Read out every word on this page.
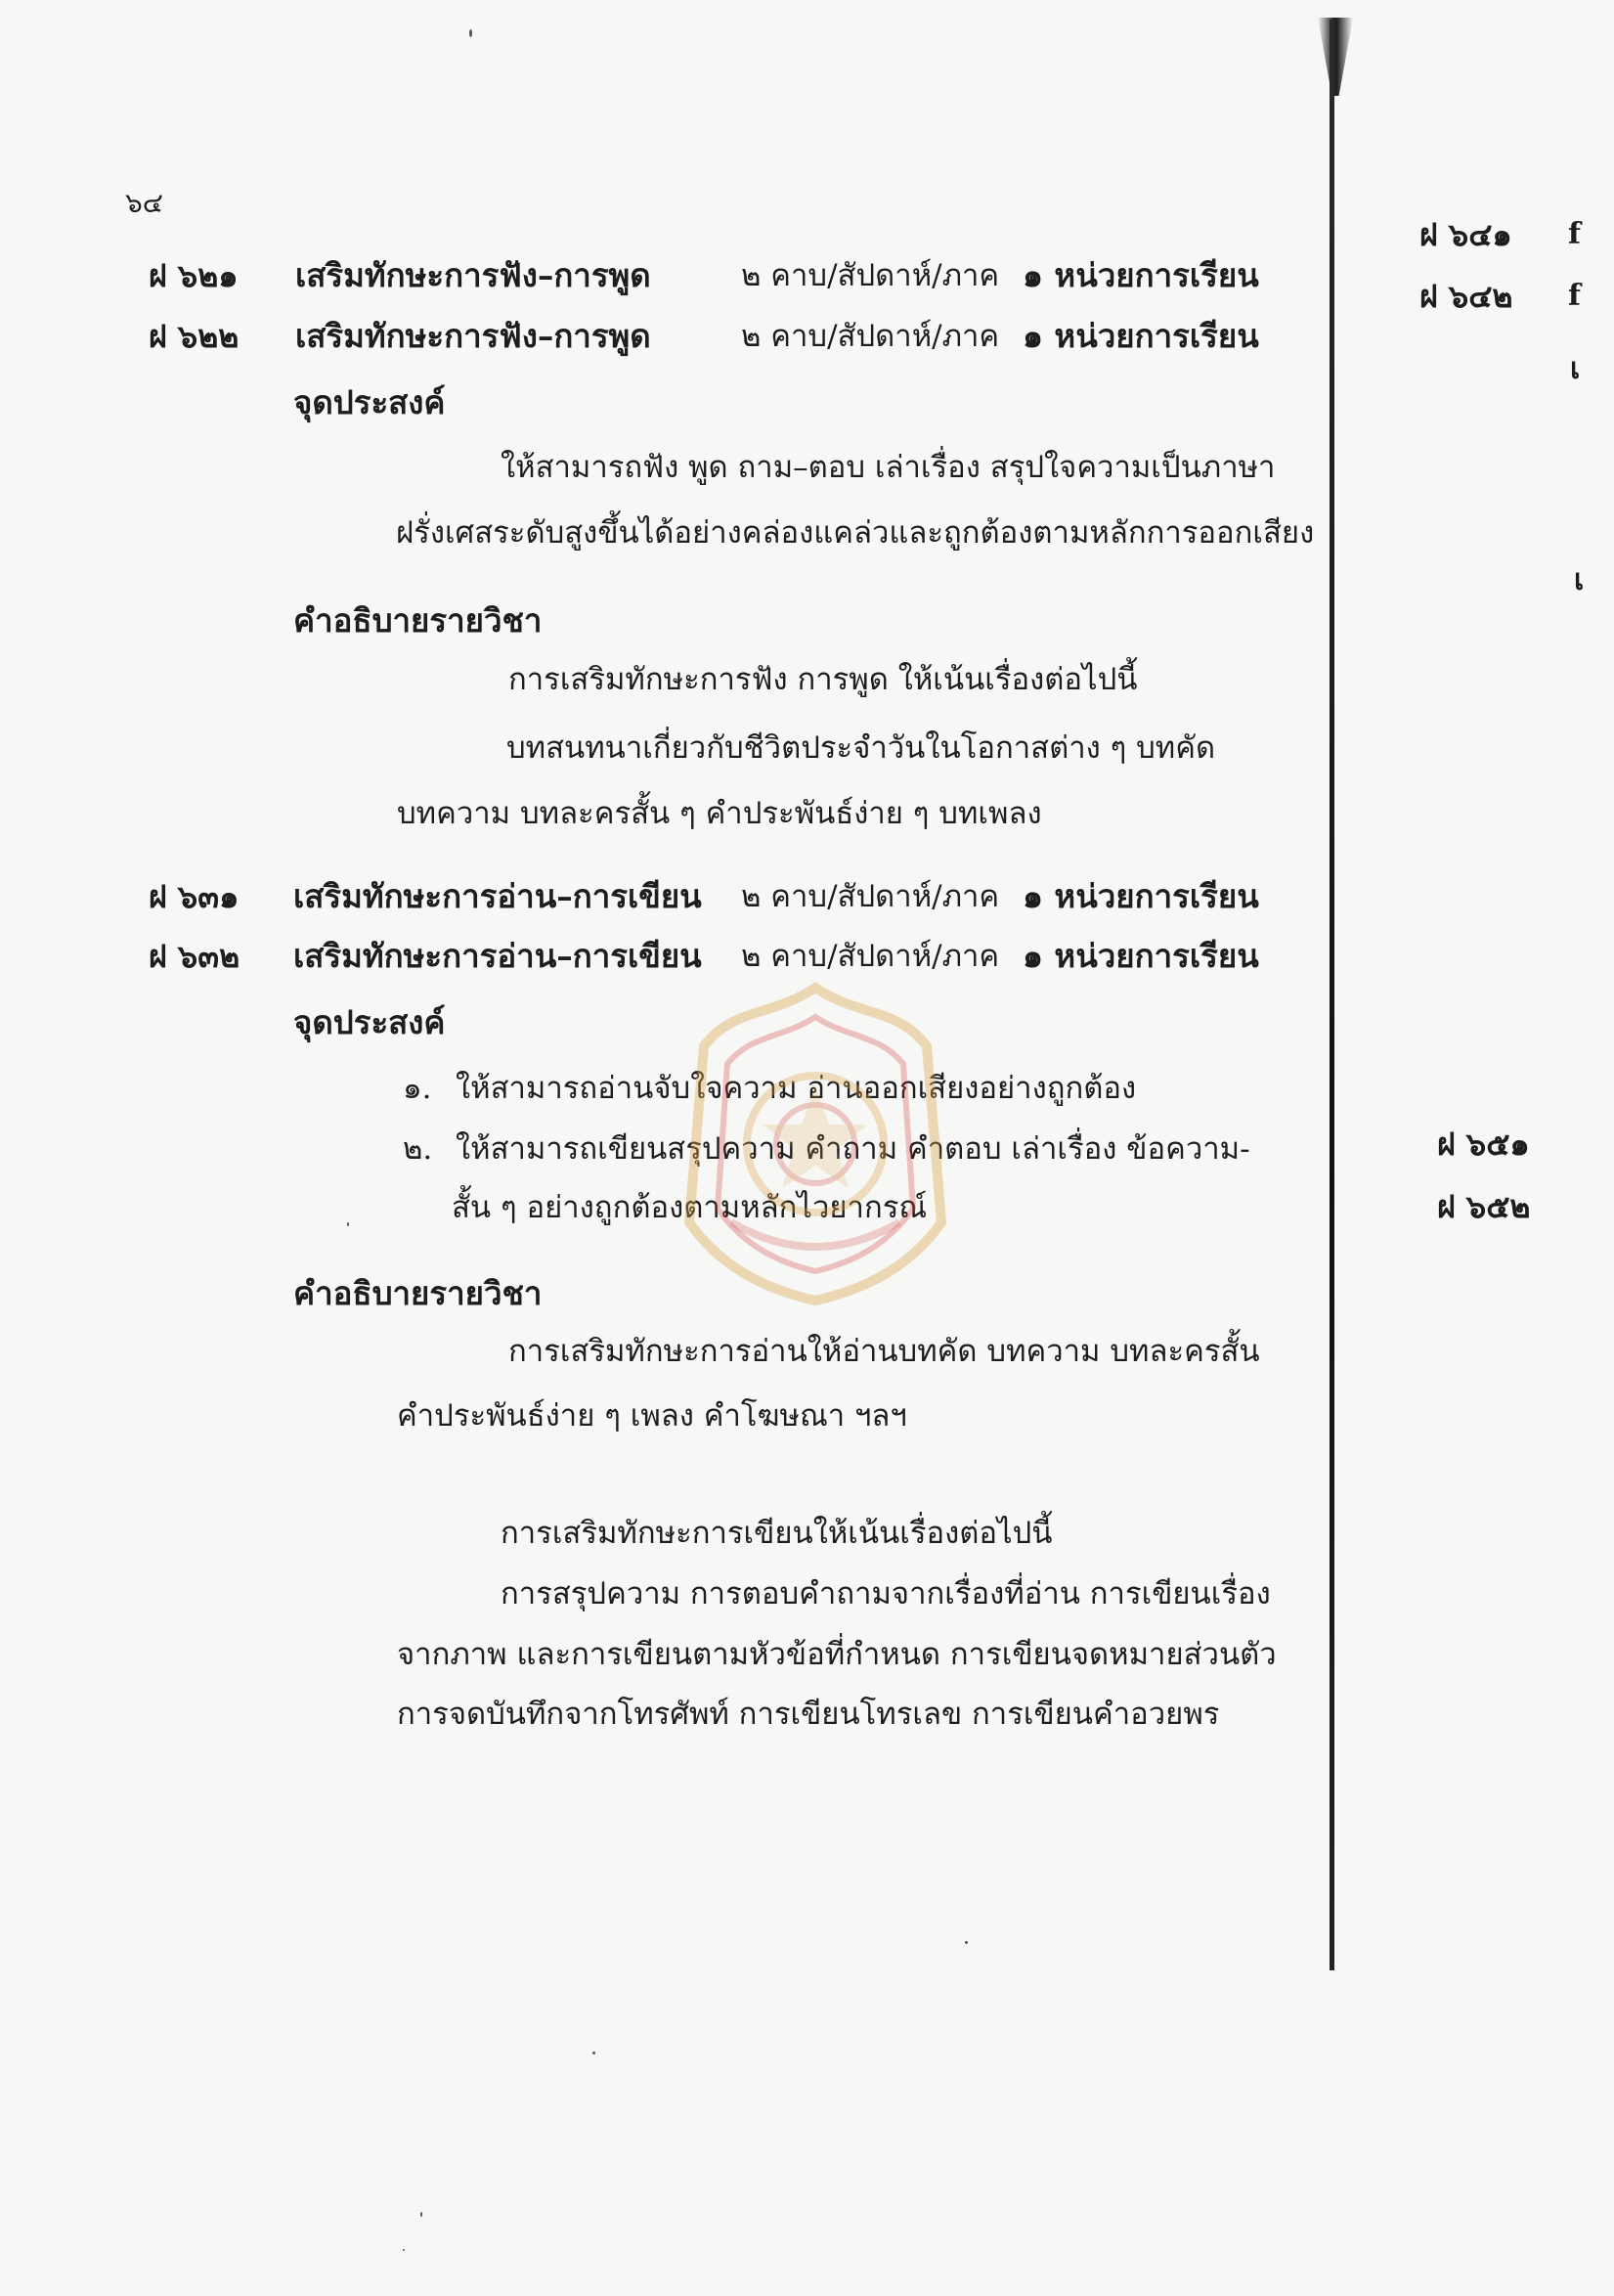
๖๔
ฝ ๖๒๑ เสริมทักษะการฟัง–การพูด	๒ คาบ/สัปดาห์/ภาค ๑ หน่วยการเรียน
ฝ ๖๒๒ เสริมทักษะการฟัง–การพูด	๒ คาบ/สัปดาห์/ภาค ๑ หน่วยการเรียน
จุดประสงค์
ให้สามารถฟัง พูด ถาม–ตอบ เล่าเรื่อง สรุปใจความเป็นภาษา
ฝรั่งเศสระดับสูงขึ้นได้อย่างคล่องแคล่วและถูกต้องตามหลักการออกเสียง
คำอธิบายรายวิชา
การเสริมทักษะการฟัง การพูด ให้เน้นเรื่องต่อไปนี้
บทสนทนาเกี่ยวกับชีวิตประจำวันในโอกาสต่าง ๆ บทคัด
บทความ บทละครสั้น ๆ คำประพันธ์ง่าย ๆ บทเพลง
ฝ ๖๓๑ เสริมทักษะการอ่าน–การเขียน ๒ คาบ/สัปดาห์/ภาค ๑ หน่วยการเรียน
ฝ ๖๓๒ เสริมทักษะการอ่าน–การเขียน ๒ คาบ/สัปดาห์/ภาค ๑ หน่วยการเรียน
จุดประสงค์
๑. ให้สามารถอ่านจับใจความ อ่านออกเสียงอย่างถูกต้อง
๒. ให้สามารถเขียนสรุปความ คำถาม คำตอบ เล่าเรื่อง ข้อความ-
สั้น ๆ อย่างถูกต้องตามหลักไวยากรณ์
คำอธิบายรายวิชา
การเสริมทักษะการอ่านให้อ่านบทคัด บทความ บทละครสั้น
คำประพันธ์ง่าย ๆ เพลง คำโฆษณา ฯลฯ
การเสริมทักษะการเขียนให้เน้นเรื่องต่อไปนี้
การสรุปความ การตอบคำถามจากเรื่องที่อ่าน การเขียนเรื่อง
จากภาพ และการเขียนตามหัวข้อที่กำหนด การเขียนจดหมายส่วนตัว
การจดบันทึกจากโทรศัพท์ การเขียนโทรเลข การเขียนคำอวยพร
ฝ ๖๔๑
ฝ ๖๔๒
ฝ ๖๕๑
ฝ ๖๕๒
f
f
เ
เ
